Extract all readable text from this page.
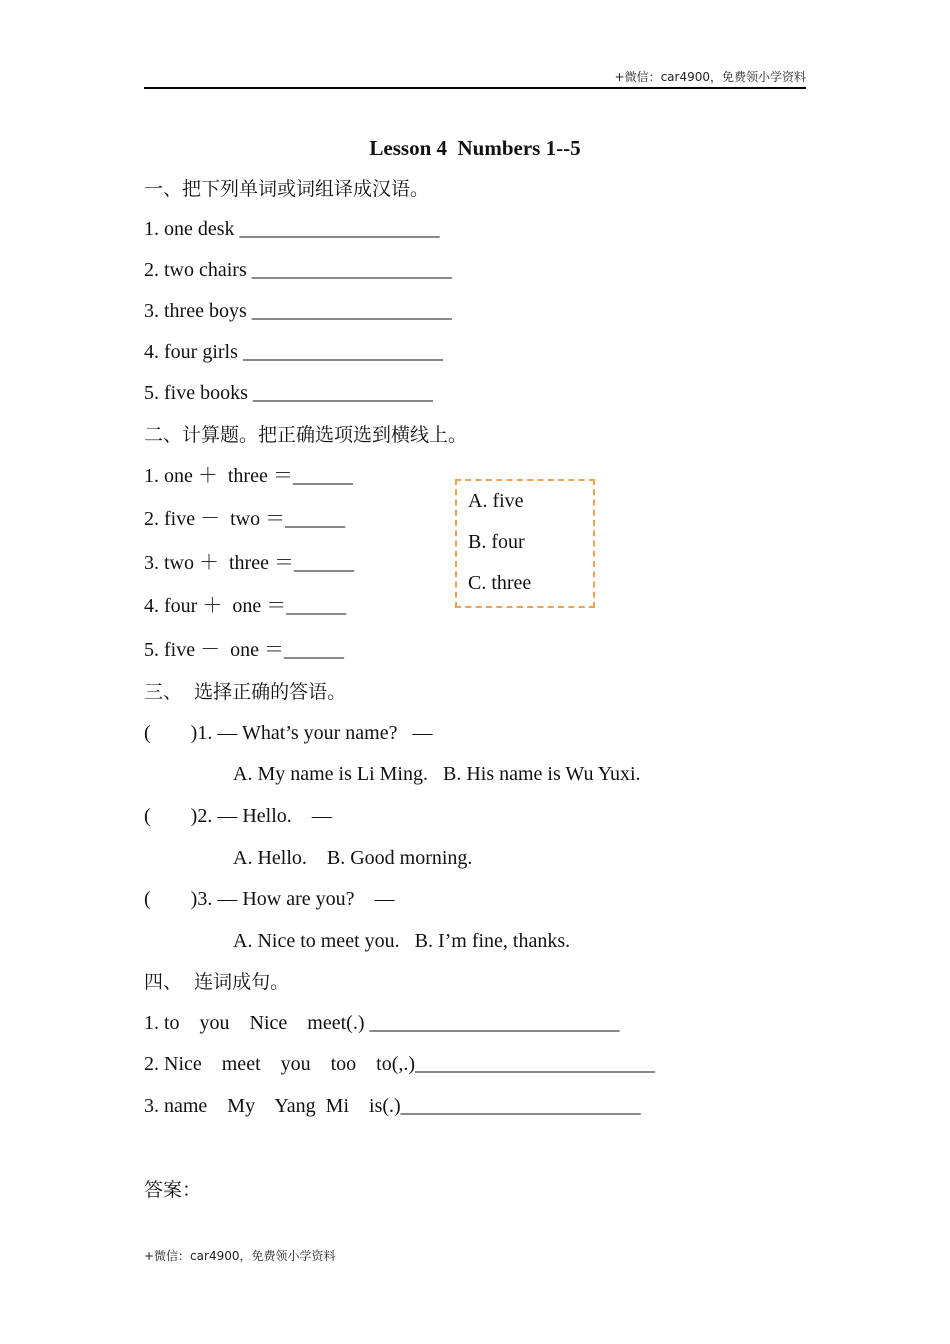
+微信：car4900，免费领小学资料
Lesson 4  Numbers 1--5
一、把下列单词或词组译成汉语。
1. one desk ____________________
2. two chairs ____________________
3. three boys ____________________
4. four girls ____________________
5. five books __________________
二、计算题。把正确选项选到横线上。
1. one ＋  three ＝______
2. five －  two ＝______
3. two ＋  three ＝______
4. four ＋  one ＝______
5. five －  one ＝______
A. five
B. four
C. three
三、  选择正确的答语。
(        )1. — What’s your name?   —
A. My name is Li Ming.   B. His name is Wu Yuxi.
(        )2. — Hello.    —
A. Hello.    B. Good morning.
(        )3. — How are you?    —
A. Nice to meet you.   B. I’m fine, thanks.
四、  连词成句。
1. to    you    Nice    meet(.) _________________________
2. Nice    meet    you    too    to(,.)________________________
3. name    My    Yang  Mi    is(.)________________________
答案：
+微信：car4900，免费领小学资料
